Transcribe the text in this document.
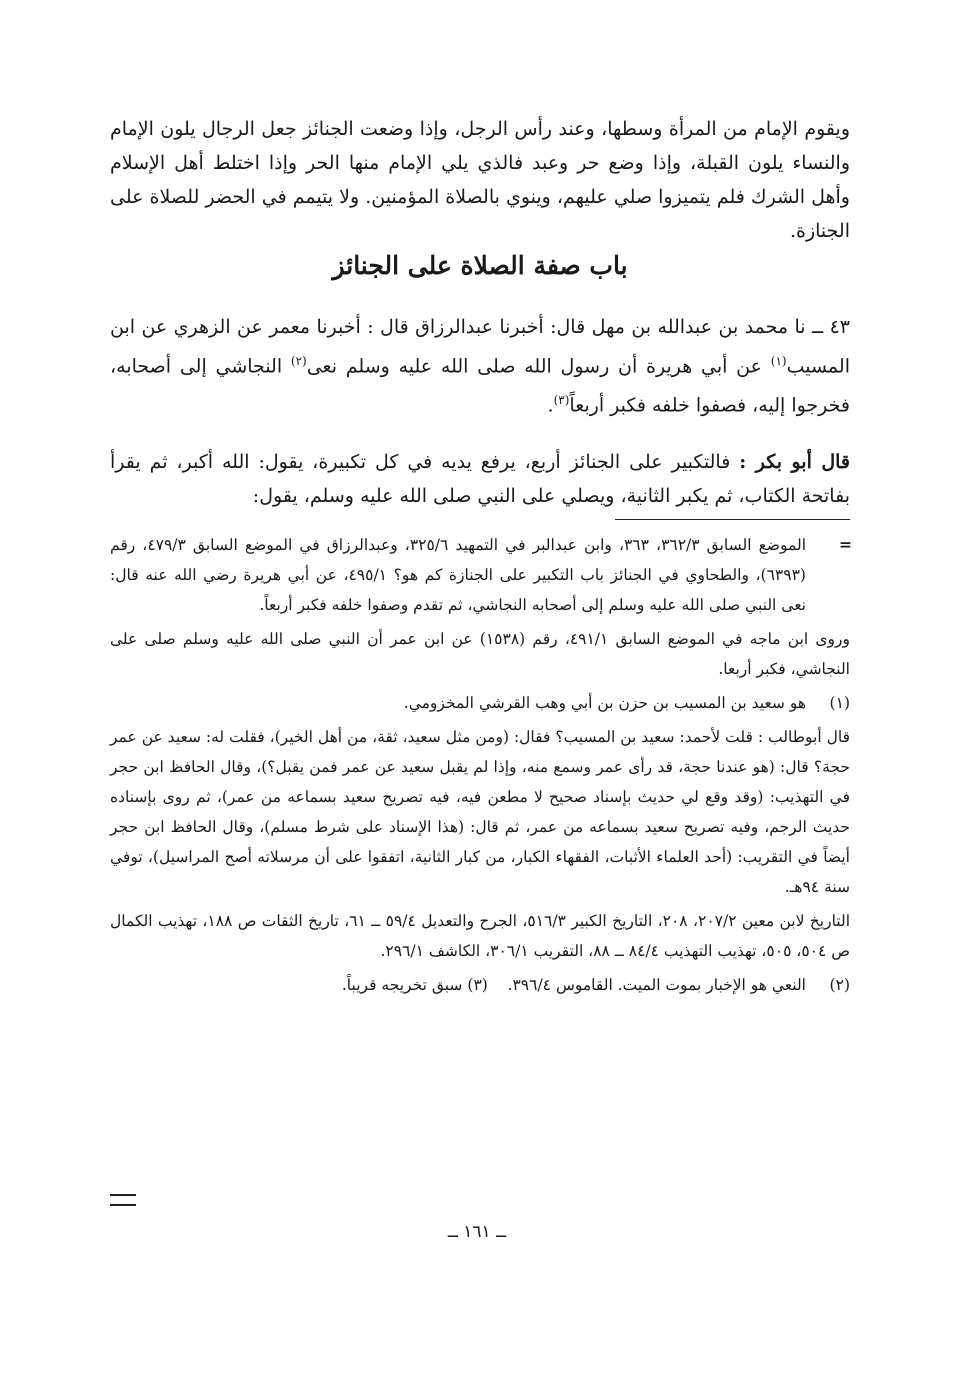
ويقوم الإمام من المرأة وسطها، وعند رأس الرجل، وإذا وضعت الجنائز جعل الرجال يلون الإمام والنساء يلون القبلة، وإذا وضع حر وعبد فالذي يلي الإمام منها الحر وإذا اختلط أهل الإسلام وأهل الشرك فلم يتميزوا صلي عليهم، وينوي بالصلاة المؤمنين. ولا يتيمم في الحضر للصلاة على الجنازة.

باب صفة الصلاة على الجنائز

٤٣ ــ نا محمد بن عبدالله بن مهل قال: أخبرنا عبدالرزاق قال : أخبرنا معمر عن الزهري عن ابن المسيب$^{(١)}$ عن أبي هريرة أن رسول الله صلى الله عليه وسلم نعى$^{(٢)}$ النجاشي إلى أصحابه، فخرجوا إليه، فصفوا خلفه فكبر أربعاً$^{(٣)}$.

قال أبو بكر : فالتكبير على الجنائز أربع، يرفع يديه في كل تكبيرة، يقول: الله أكبر، ثم يقرأ بفاتحة الكتاب، ثم يكبر الثانية، ويصلي على النبي صلى الله عليه وسلم، يقول:

=

الموضع السابق ٣٦٢/٣، ٣٦٣، وابن عبدالبر في التمهيد ٣٢٥/٦، وعبدالرزاق في الموضع السابق ٤٧٩/٣، رقم (٦٣٩٣)، والطحاوي في الجنائز باب التكبير على الجنازة كم هو؟ ٤٩٥/١، عن أبي هريرة رضي الله عنه قال: نعى النبي صلى الله عليه وسلم إلى أصحابه النجاشي، ثم تقدم وصفوا خلفه فكبر أربعاً.

وروى ابن ماجه في الموضع السابق ٤٩١/١، رقم (١٥٣٨) عن ابن عمر أن النبي صلى الله عليه وسلم صلى على النجاشي، فكبر أربعا.

(١)

هو سعيد بن المسيب بن حزن بن أبي وهب القرشي المخزومي.

قال أبوطالب : قلت لأحمد: سعيد بن المسيب؟ فقال: (ومن مثل سعيد، ثقة، من أهل الخير)، فقلت له: سعيد عن عمر حجة؟ قال: (هو عندنا حجة، قد رأى عمر وسمع منه، وإذا لم يقبل سعيد عن عمر فمن يقبل؟)، وقال الحافظ ابن حجر في التهذيب: (وقد وقع لي حديث بإسناد صحيح لا مطعن فيه، فيه تصريح سعيد بسماعه من عمر)، ثم روى بإسناده حديث الرجم، وفيه تصريح سعيد بسماعه من عمر، ثم قال: (هذا الإسناد على شرط مسلم)، وقال الحافظ ابن حجر أيضاً في التقريب: (أحد العلماء الأثبات، الفقهاء الكبار، من كبار الثانية، اتفقوا على أن مرسلاته أصح المراسيل)، توفي سنة ٩٤هـ.

التاريخ لابن معين ٢٠٧/٢، ٢٠٨، التاريخ الكبير ٥١٦/٣، الجرح والتعديل ٥٩/٤ ــ ٦١، تاريخ الثقات ص ١٨٨، تهذيب الكمال ص ٥٠٤، ٥٠٥، تهذيب التهذيب ٨٤/٤ ــ ٨٨، التقريب ٣٠٦/١، الكاشف ٢٩٦/١.

(٢)

النعي هو الإخبار بموت الميت. القاموس ٣٩٦/٤.    (٣) سبق تخريجه قريباً.

ــ ١٦١ ــ
